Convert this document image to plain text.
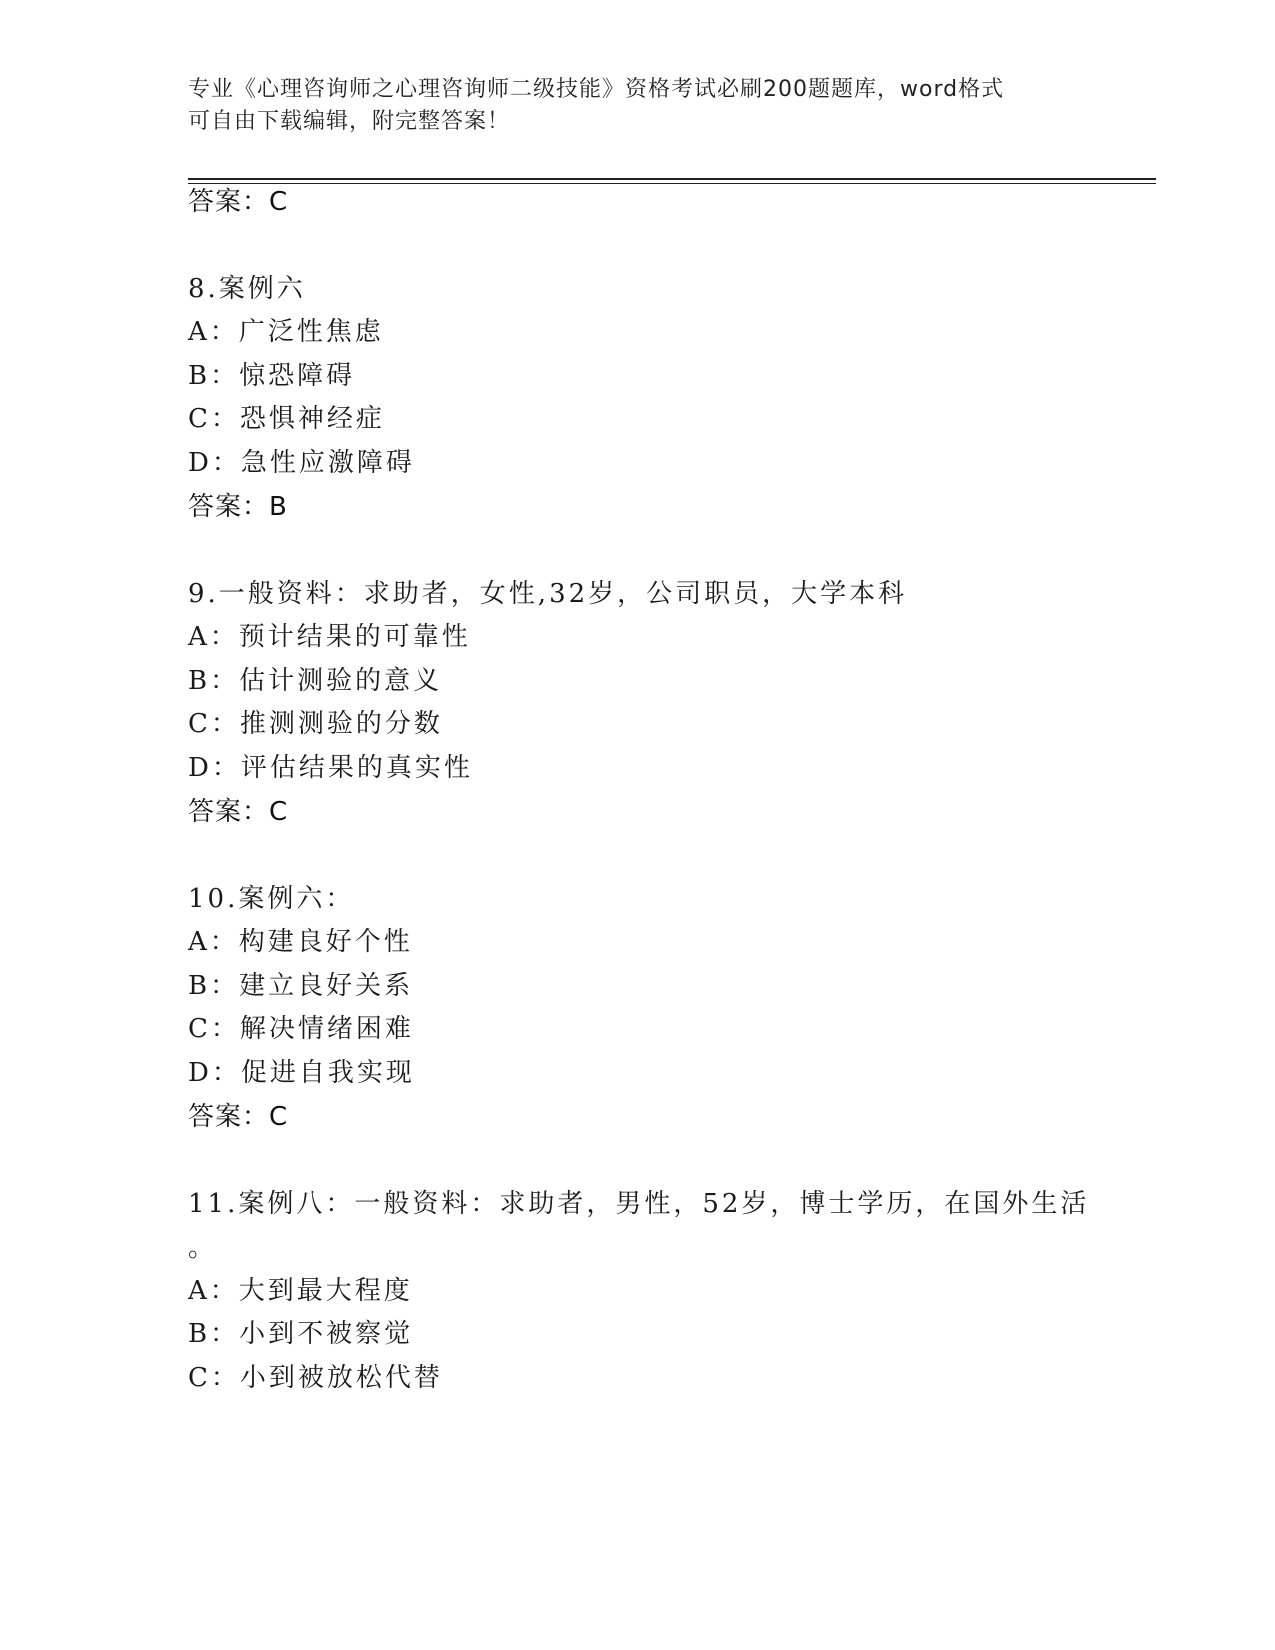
专业《心理咨询师之心理咨询师二级技能》资格考试必刷200题题库，word格式
可自由下载编辑，附完整答案！
答案：C
8.案例六
A：广泛性焦虑
B：惊恐障碍
C：恐惧神经症
D：急性应激障碍
答案：B
9.一般资料：求助者，女性,32岁，公司职员，大学本科
A：预计结果的可靠性
B：估计测验的意义
C：推测测验的分数
D：评估结果的真实性
答案：C
10.案例六：
A：构建良好个性
B：建立良好关系
C：解决情绪困难
D：促进自我实现
答案：C
11.案例八：一般资料：求助者，男性，52岁，博士学历，在国外生活
。
A：大到最大程度
B：小到不被察觉
C：小到被放松代替
